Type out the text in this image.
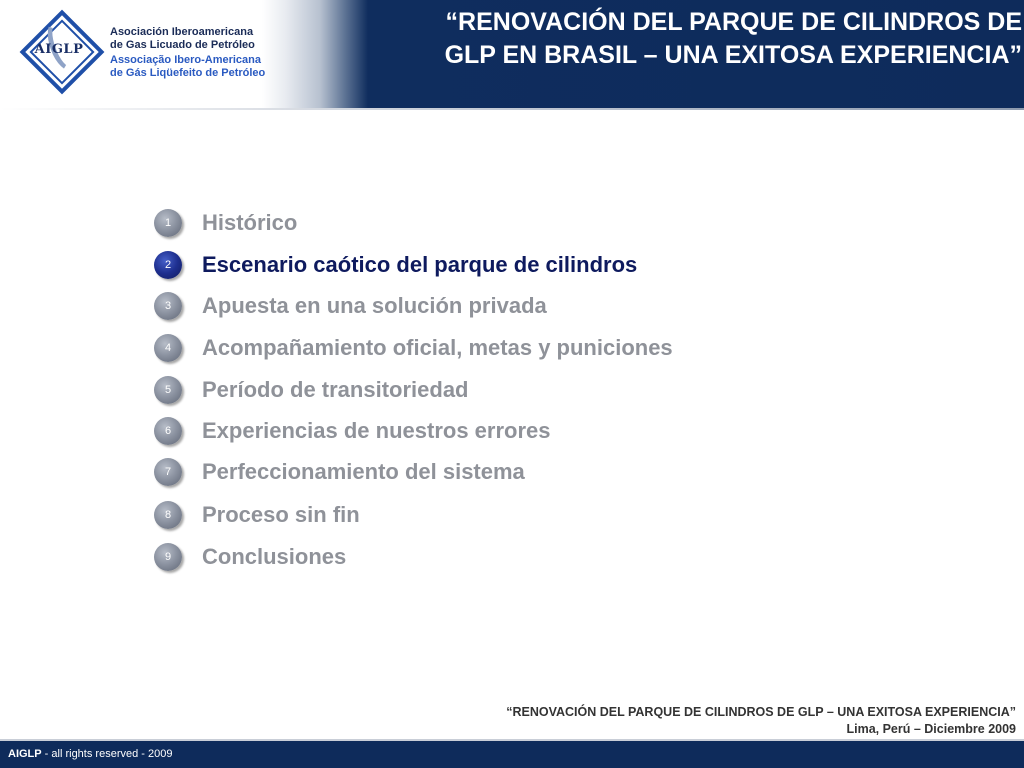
AIGLP
Asociación Iberoamericana
de Gas Licuado de Petróleo
Associação Ibero-Americana
de Gás Liqüefeito de Petróleo
“RENOVACIÓN DEL PARQUE DE CILINDROS DE
GLP EN BRASIL – UNA EXITOSA EXPERIENCIA”
1	Histórico
2	Escenario caótico del parque de cilindros
3	Apuesta en una solución privada
4	Acompañamiento oficial, metas y puniciones
5	Período de transitoriedad
6	Experiencias de nuestros errores
7	Perfeccionamiento del sistema
8	Proceso sin fin
9	Conclusiones
“RENOVACIÓN DEL PARQUE DE CILINDROS DE GLP – UNA EXITOSA EXPERIENCIA”
Lima, Perú – Diciembre 2009
AIGLP - all rights reserved - 2009
